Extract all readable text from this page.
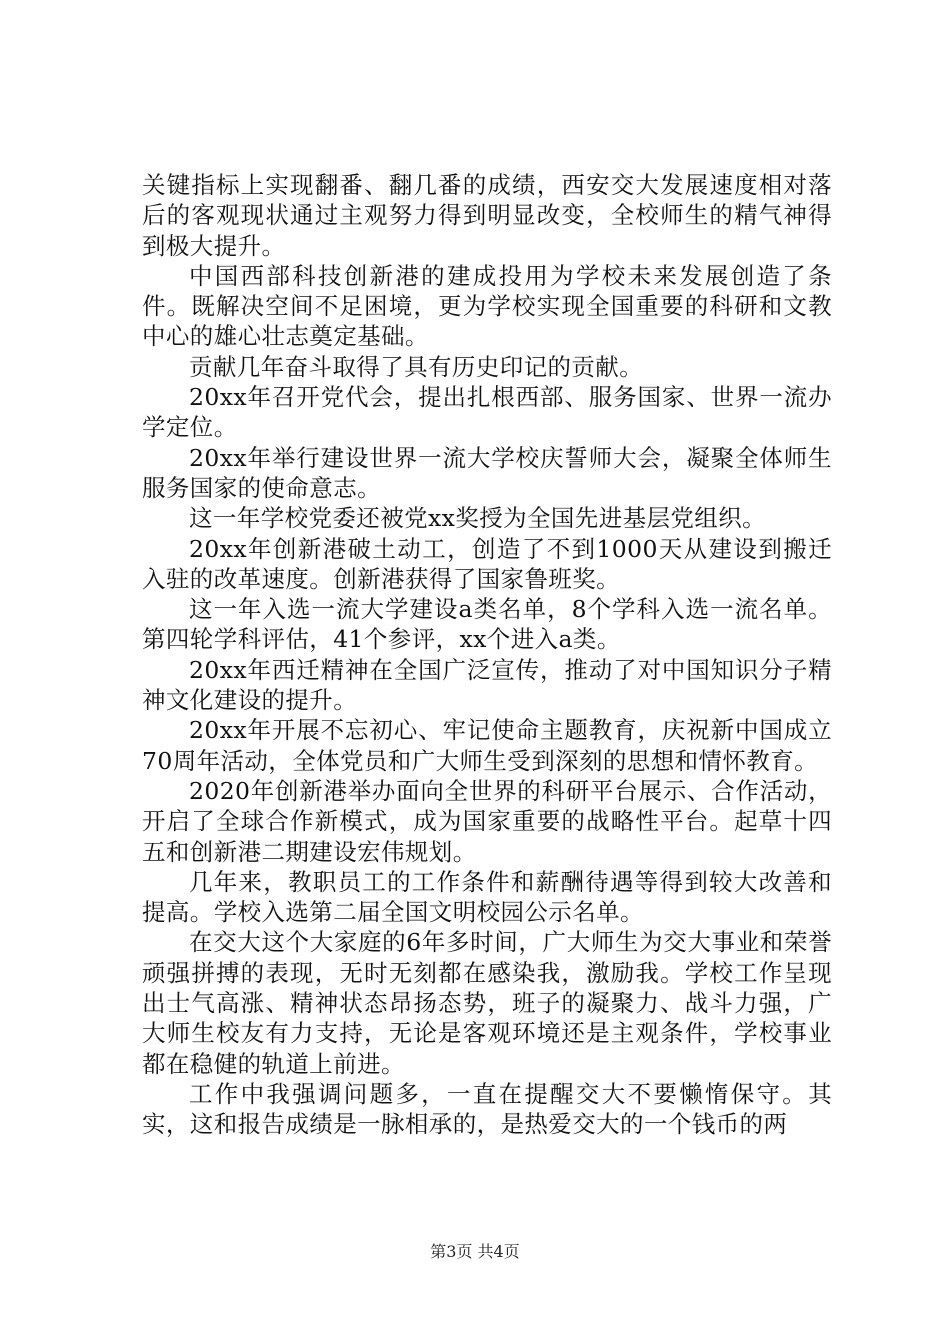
关键指标上实现翻番、翻几番的成绩，西安交大发展速度相对落后的客观现状通过主观努力得到明显改变，全校师生的精气神得到极大提升。

中国西部科技创新港的建成投用为学校未来发展创造了条件。既解决空间不足困境，更为学校实现全国重要的科研和文教中心的雄心壮志奠定基础。

贡献几年奋斗取得了具有历史印记的贡献。

20xx年召开党代会，提出扎根西部、服务国家、世界一流办学定位。

20xx年举行建设世界一流大学校庆誓师大会，凝聚全体师生服务国家的使命意志。

这一年学校党委还被党xx奖授为全国先进基层党组织。

20xx年创新港破土动工，创造了不到1000天从建设到搬迁入驻的改革速度。创新港获得了国家鲁班奖。

这一年入选一流大学建设a类名单，8个学科入选一流名单。第四轮学科评估，41个参评，xx个进入a类。

20xx年西迁精神在全国广泛宣传，推动了对中国知识分子精神文化建设的提升。

20xx年开展不忘初心、牢记使命主题教育，庆祝新中国成立70周年活动，全体党员和广大师生受到深刻的思想和情怀教育。

2020年创新港举办面向全世界的科研平台展示、合作活动，开启了全球合作新模式，成为国家重要的战略性平台。起草十四五和创新港二期建设宏伟规划。

几年来，教职员工的工作条件和薪酬待遇等得到较大改善和提高。学校入选第二届全国文明校园公示名单。

在交大这个大家庭的6年多时间，广大师生为交大事业和荣誉顽强拼搏的表现，无时无刻都在感染我，激励我。学校工作呈现出士气高涨、精神状态昂扬态势，班子的凝聚力、战斗力强，广大师生校友有力支持，无论是客观环境还是主观条件，学校事业都在稳健的轨道上前进。

工作中我强调问题多，一直在提醒交大不要懒惰保守。其实，这和报告成绩是一脉相承的，是热爱交大的一个钱币的两

第3页 共4页
